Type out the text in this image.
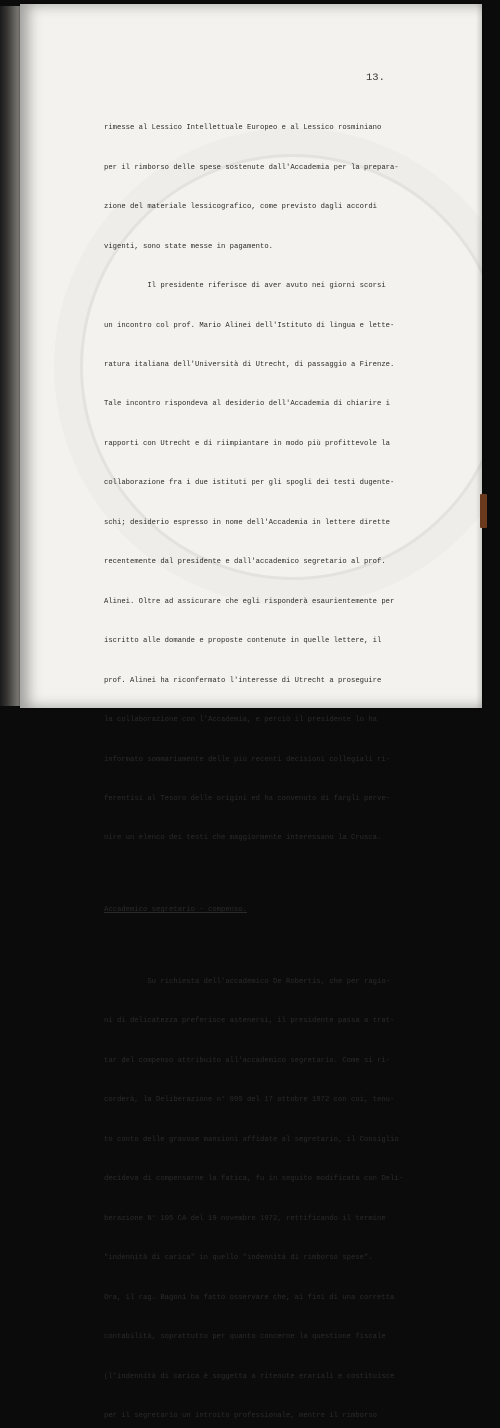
13.

rimesse al Lessico Intellettuale Europeo e al Lessico rosminiano

per il rimborso delle spese sostenute dall'Accademia per la prepara-

zione del materiale lessicografico, come previsto dagli accordi

vigenti, sono state messe in pagamento.

Il presidente riferisce di aver avuto nei giorni scorsi

un incontro col prof. Mario Alinei dell'Istituto di lingua e lette-

ratura italiana dell'Università di Utrecht, di passaggio a Firenze.

Tale incontro rispondeva al desiderio dell'Accademia di chiarire i

rapporti con Utrecht e di riimpiantare in modo più profittevole la

collaborazione fra i due istituti per gli spogli dei testi dugente-

schi; desiderio espresso in nome dell'Accademia in lettere dirette

recentemente dal presidente e dall'accademico segretario al prof.

Alinei. Oltre ad assicurare che egli risponderà esaurientemente per

iscritto alle domande e proposte contenute in quelle lettere, il

prof. Alinei ha riconfermato l'interesse di Utrecht a proseguire

la collaborazione con l'Accademia, e perciò il presidente lo ha

informato sommariamente delle più recenti decisioni collegiali ri-

ferentisi al Tesoro delle origini ed ha convenuto di fargli perve-

nire un elenco dei testi che maggiormente interessano la Crusca.

Accademico segretario - compenso.

Su richiesta dell'accademico De Robertis, che per ragio-

ni di delicatezza preferisce astenersi, il presidente passa a trat-

tar del compenso attribuito all'accademico segretario. Come si ri-

corderà, la Deliberazione n° 999 del 17 ottobre 1972 con cui, tenu-

to conto delle gravose mansioni affidate al segretario, il Consiglio

decideva di compensarne la fatica, fu in seguito modificata con Deli-

berazione N° 105 CA del 19 novembre 1972, rettificando il termine

"indennità di carica" in quello "indennità di rimborso spese".

Ora, il rag. Bagoni ha fatto osservare che, ai fini di una corretta

contabilità, soprattutto per quanto concerne la questione fiscale

(l'indennità di carica è soggetta a ritenute erariali e costituisce

per il segretario un introito professionale, mentre il rimborso
